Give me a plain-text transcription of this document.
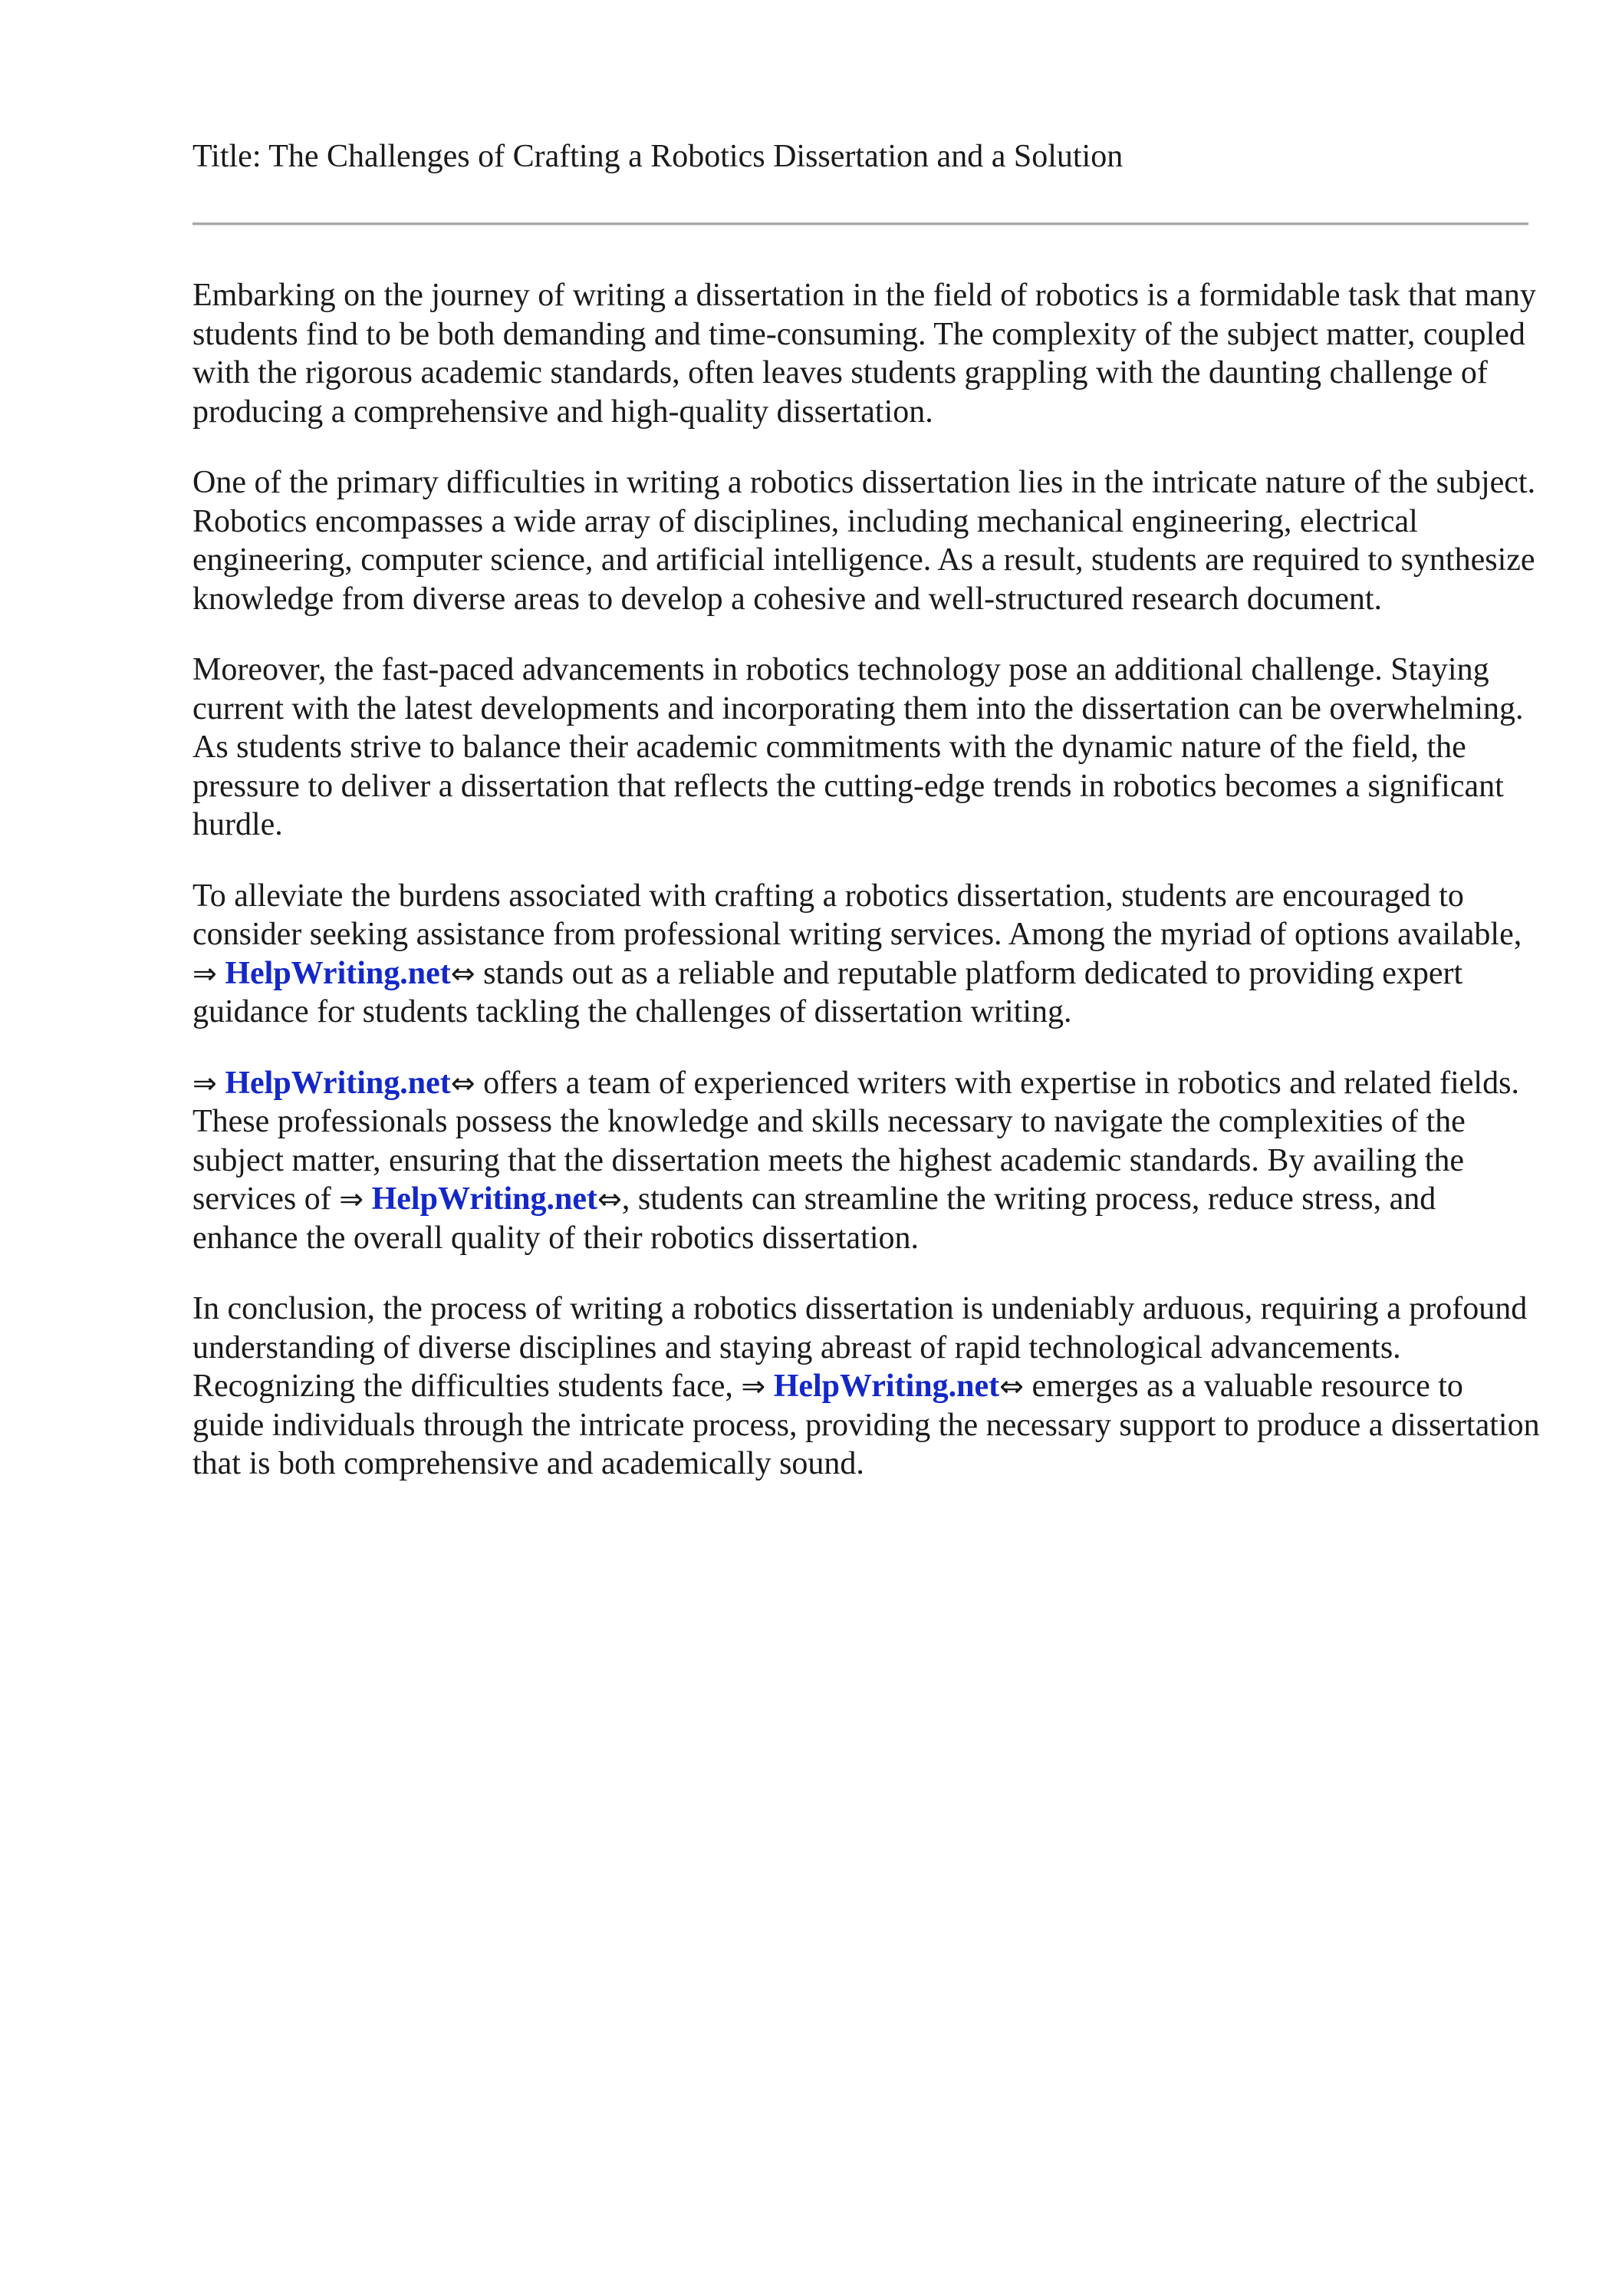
Title: The Challenges of Crafting a Robotics Dissertation and a Solution

Embarking on the journey of writing a dissertation in the field of robotics is a formidable task that many students find to be both demanding and time-consuming. The complexity of the subject matter, coupled with the rigorous academic standards, often leaves students grappling with the daunting challenge of producing a comprehensive and high-quality dissertation.

One of the primary difficulties in writing a robotics dissertation lies in the intricate nature of the subject. Robotics encompasses a wide array of disciplines, including mechanical engineering, electrical engineering, computer science, and artificial intelligence. As a result, students are required to synthesize knowledge from diverse areas to develop a cohesive and well-structured research document.

Moreover, the fast-paced advancements in robotics technology pose an additional challenge. Staying current with the latest developments and incorporating them into the dissertation can be overwhelming. As students strive to balance their academic commitments with the dynamic nature of the field, the pressure to deliver a dissertation that reflects the cutting-edge trends in robotics becomes a significant hurdle.

To alleviate the burdens associated with crafting a robotics dissertation, students are encouraged to consider seeking assistance from professional writing services. Among the myriad of options available, ⇒ HelpWriting.net⇔ stands out as a reliable and reputable platform dedicated to providing expert guidance for students tackling the challenges of dissertation writing.

⇒ HelpWriting.net⇔ offers a team of experienced writers with expertise in robotics and related fields. These professionals possess the knowledge and skills necessary to navigate the complexities of the subject matter, ensuring that the dissertation meets the highest academic standards. By availing the services of ⇒ HelpWriting.net⇔, students can streamline the writing process, reduce stress, and enhance the overall quality of their robotics dissertation.

In conclusion, the process of writing a robotics dissertation is undeniably arduous, requiring a profound understanding of diverse disciplines and staying abreast of rapid technological advancements. Recognizing the difficulties students face, ⇒ HelpWriting.net⇔ emerges as a valuable resource to guide individuals through the intricate process, providing the necessary support to produce a dissertation that is both comprehensive and academically sound.
